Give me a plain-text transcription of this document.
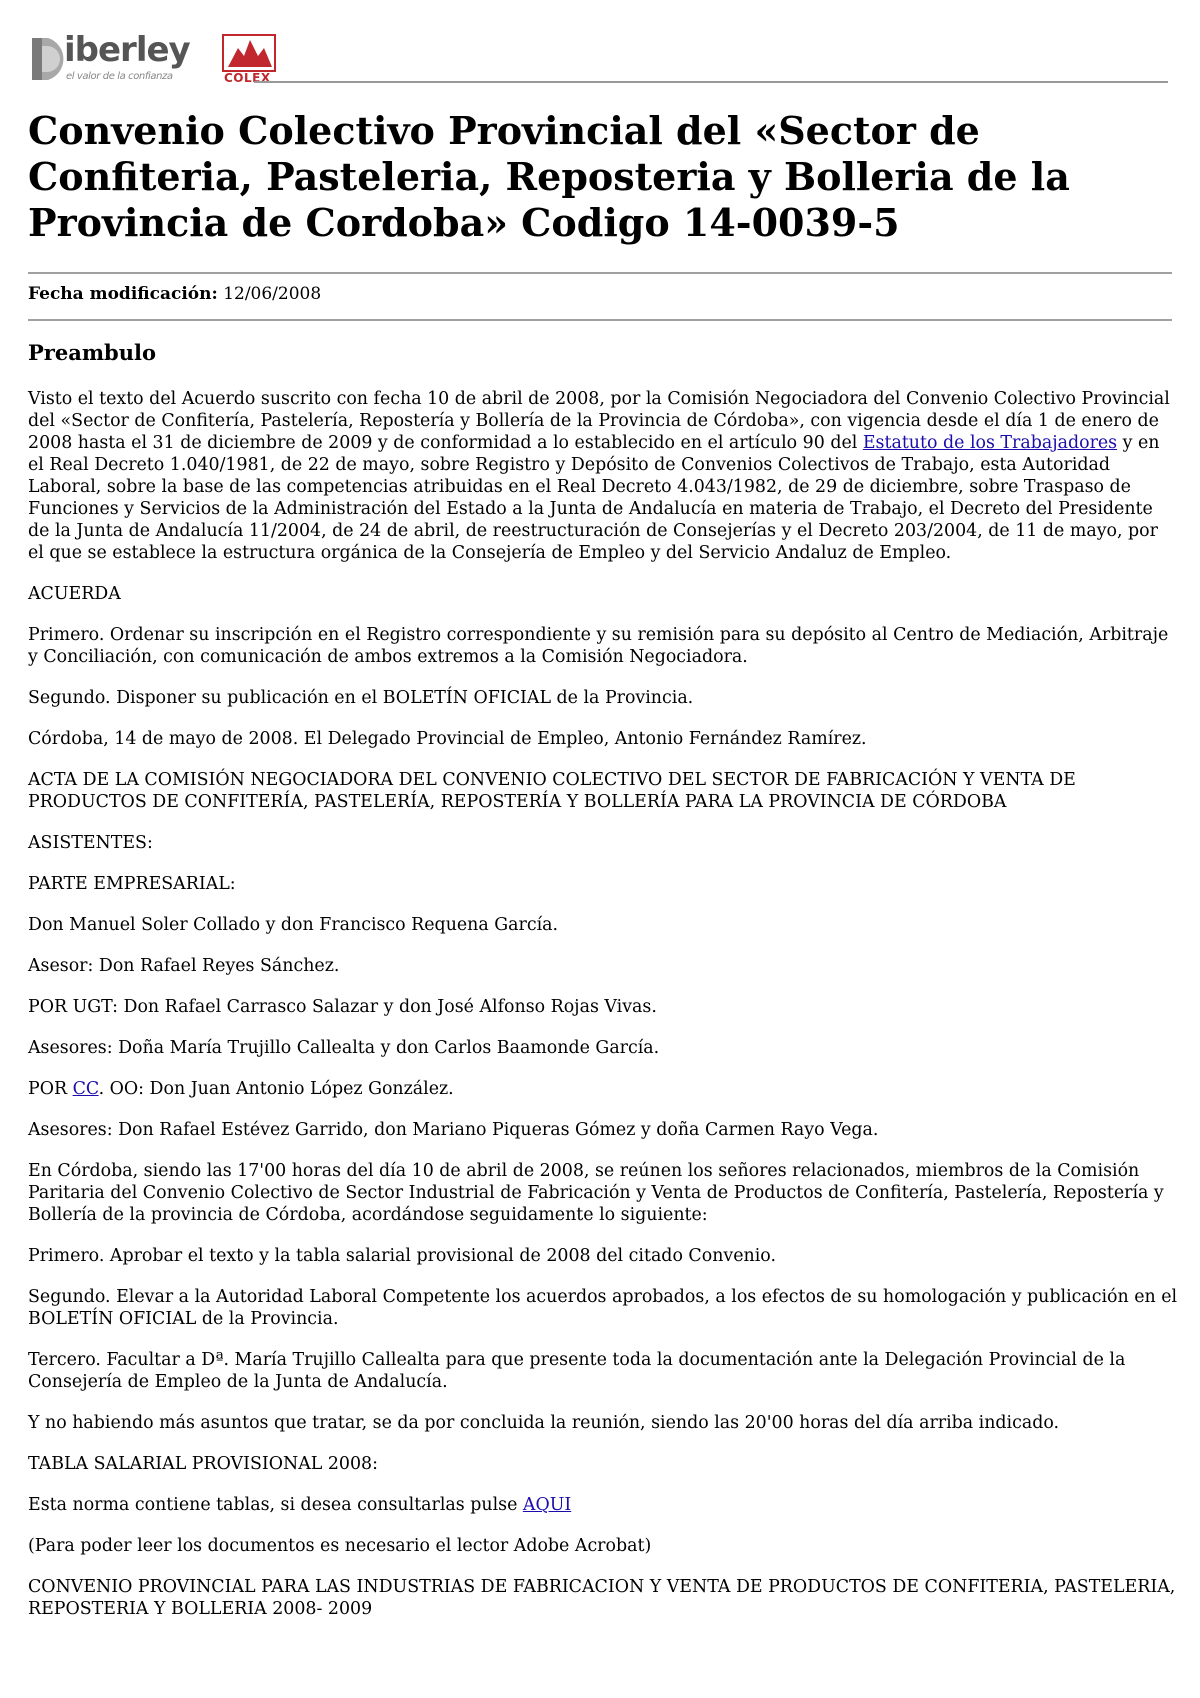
iberley
el valor de la confianza	COLEX
Convenio Colectivo Provincial del «Sector de Confiteria, Pasteleria, Reposteria y Bolleria de la Provincia de Cordoba» Codigo 14-0039-5
Fecha modificación: 12/06/2008
Preambulo

Visto el texto del Acuerdo suscrito con fecha 10 de abril de 2008, por la Comisión Negociadora del Convenio Colectivo Provincial del «Sector de Confitería, Pastelería, Repostería y Bollería de la Provincia de Córdoba», con vigencia desde el día 1 de enero de 2008 hasta el 31 de diciembre de 2009 y de conformidad a lo establecido en el artículo 90 del Estatuto de los Trabajadores y en el Real Decreto 1.040/1981, de 22 de mayo, sobre Registro y Depósito de Convenios Colectivos de Trabajo, esta Autoridad Laboral, sobre la base de las competencias atribuidas en el Real Decreto 4.043/1982, de 29 de diciembre, sobre Traspaso de Funciones y Servicios de la Administración del Estado a la Junta de Andalucía en materia de Trabajo, el Decreto del Presidente de la Junta de Andalucía 11/2004, de 24 de abril, de reestructuración de Consejerías y el Decreto 203/2004, de 11 de mayo, por el que se establece la estructura orgánica de la Consejería de Empleo y del Servicio Andaluz de Empleo.

ACUERDA

Primero. Ordenar su inscripción en el Registro correspondiente y su remisión para su depósito al Centro de Mediación, Arbitraje y Conciliación, con comunicación de ambos extremos a la Comisión Negociadora.

Segundo. Disponer su publicación en el BOLETÍN OFICIAL de la Provincia.

Córdoba, 14 de mayo de 2008. El Delegado Provincial de Empleo, Antonio Fernández Ramírez.

ACTA DE LA COMISIÓN NEGOCIADORA DEL CONVENIO COLECTIVO DEL SECTOR DE FABRICACIÓN Y VENTA DE PRODUCTOS DE CONFITERÍA, PASTELERÍA, REPOSTERÍA Y BOLLERÍA PARA LA PROVINCIA DE CÓRDOBA

ASISTENTES:

PARTE EMPRESARIAL:

Don Manuel Soler Collado y don Francisco Requena García.

Asesor: Don Rafael Reyes Sánchez.

POR UGT: Don Rafael Carrasco Salazar y don José Alfonso Rojas Vivas.

Asesores: Doña María Trujillo Callealta y don Carlos Baamonde García.

POR CC. OO: Don Juan Antonio López González.

Asesores: Don Rafael Estévez Garrido, don Mariano Piqueras Gómez y doña Carmen Rayo Vega.

En Córdoba, siendo las 17'00 horas del día 10 de abril de 2008, se reúnen los señores relacionados, miembros de la Comisión Paritaria del Convenio Colectivo de Sector Industrial de Fabricación y Venta de Productos de Confitería, Pastelería, Repostería y Bollería de la provincia de Córdoba, acordándose seguidamente lo siguiente:

Primero. Aprobar el texto y la tabla salarial provisional de 2008 del citado Convenio.

Segundo. Elevar a la Autoridad Laboral Competente los acuerdos aprobados, a los efectos de su homologación y publicación en el BOLETÍN OFICIAL de la Provincia.

Tercero. Facultar a Dª. María Trujillo Callealta para que presente toda la documentación ante la Delegación Provincial de la Consejería de Empleo de la Junta de Andalucía.

Y no habiendo más asuntos que tratar, se da por concluida la reunión, siendo las 20'00 horas del día arriba indicado.

TABLA SALARIAL PROVISIONAL 2008:

Esta norma contiene tablas, si desea consultarlas pulse AQUI

(Para poder leer los documentos es necesario el lector Adobe Acrobat)

CONVENIO PROVINCIAL PARA LAS INDUSTRIAS DE FABRICACION Y VENTA DE PRODUCTOS DE CONFITERIA, PASTELERIA, REPOSTERIA Y BOLLERIA 2008- 2009
